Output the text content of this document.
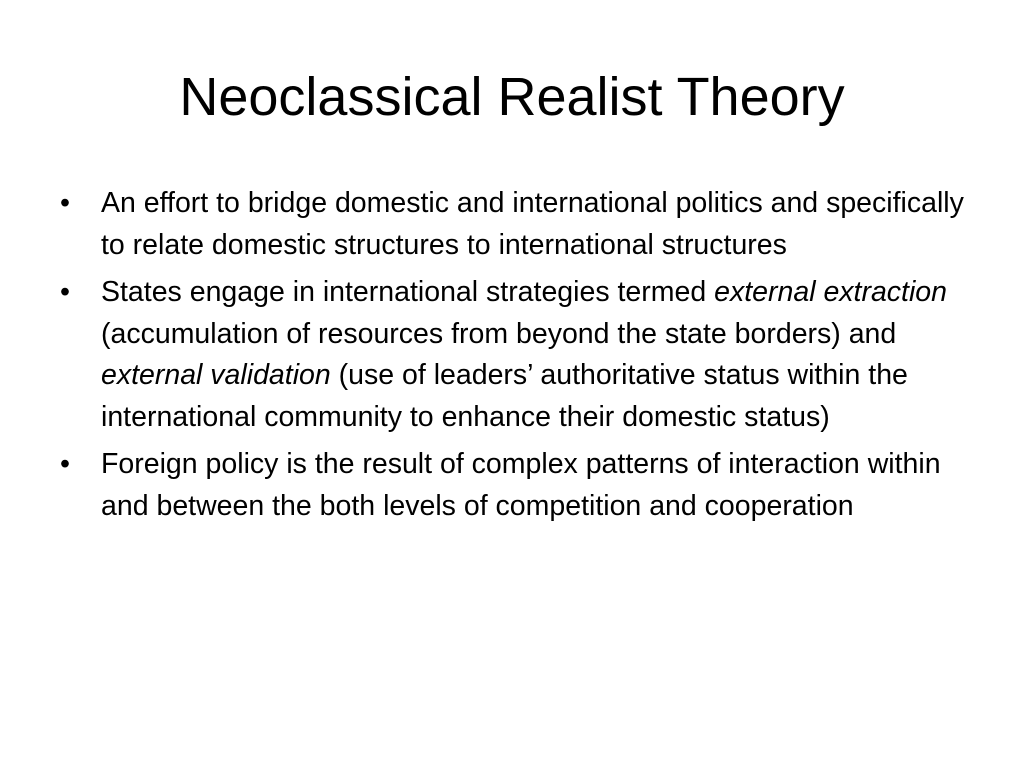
Neoclassical Realist Theory
• An effort to bridge domestic and international politics and specifically to relate domestic structures to international structures
• States engage in international strategies termed external extraction (accumulation of resources from beyond the state borders) and external validation (use of leaders’ authoritative status within the international community to enhance their domestic status)
• Foreign policy is the result of complex patterns of interaction within and between the both levels of competition and cooperation
